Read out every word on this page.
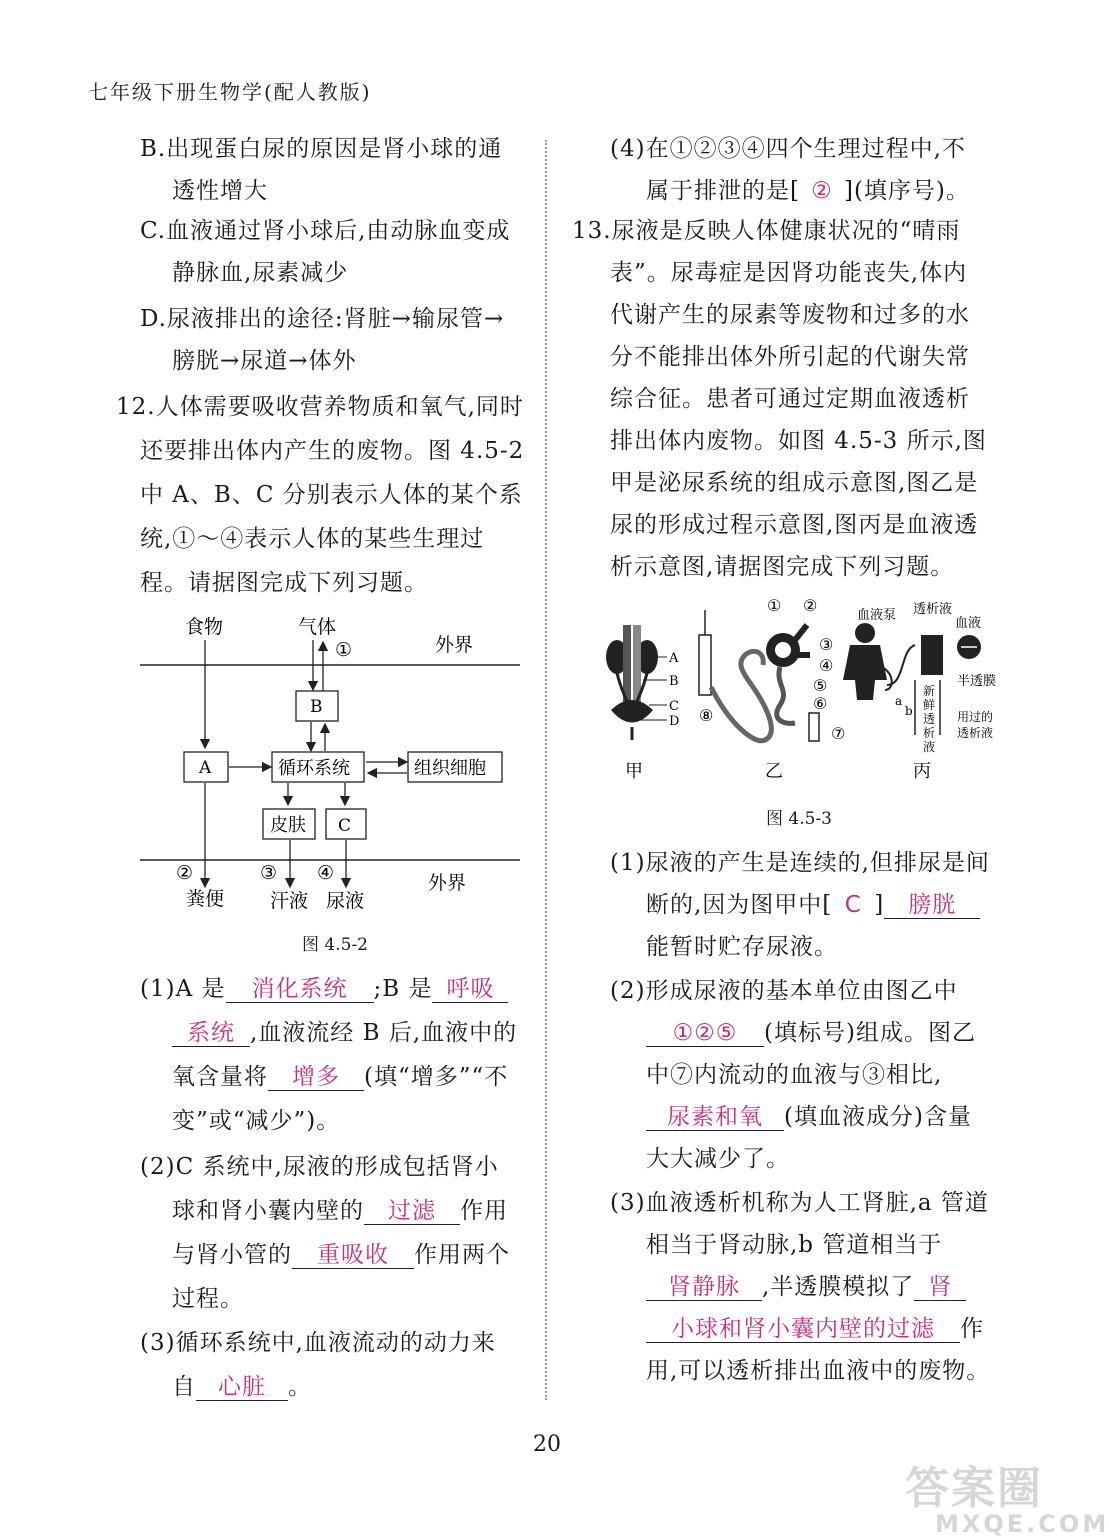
七年级下册生物学(配人教版)
B.出现蛋白尿的原因是肾小球的通
透性增大
C.血液通过肾小球后,由动脉血变成
静脉血,尿素减少
D.尿液排出的途径:肾脏→输尿管→
膀胱→尿道→体外
12.人体需要吸收营养物质和氧气,同时
还要排出体内产生的废物。图 4.5-2
中 A、B、C 分别表示人体的某个系
统,①～④表示人体的某些生理过
程。请据图完成下列习题。
食物	气体
①	外界
B
A	循环系统	组织细胞
皮肤 C
②	③ ④	外界
粪便 汗液 尿液
图 4.5-2
(1)A 是 消化系统 ;B 是 呼吸
系统 ,血液流经 B 后,血液中的
氧含量将 增多 (填“增多”“不
变”或“减少”)。
(2)C 系统中,尿液的形成包括肾小
球和肾小囊内壁的 过滤 作用
与肾小管的 重吸收 作用两个
过程。
(3)循环系统中,血液流动的动力来
自 心脏 。
(4)在①②③④四个生理过程中,不
属于排泄的是[ ② ](填序号)。
13.尿液是反映人体健康状况的“晴雨
表”。尿毒症是因肾功能丧失,体内
代谢产生的尿素等废物和过多的水
分不能排出体外所引起的代谢失常
综合征。患者可通过定期血液透析
排出体内废物。如图 4.5-3 所示,图
甲是泌尿系统的组成示意图,图乙是
尿的形成过程示意图,图丙是血液透
析示意图,请据图完成下列习题。
A
B
C
D ⑧
① ②
③
④
⑤
⑥
⑦
血液泵 透析液
血液
半透膜
a
b
新
鲜
透
析
液
用过的
透析液
甲	乙	丙
图 4.5-3
(1)尿液的产生是连续的,但排尿是间
断的,因为图甲中[ C ] 膀胱
能暂时贮存尿液。
(2)形成尿液的基本单位由图乙中
①②⑤ (填标号)组成。图乙
中⑦内流动的血液与③相比,
尿素和氧 (填血液成分)含量
大大减少了。
(3)血液透析机称为人工肾脏,a 管道
相当于肾动脉,b 管道相当于
肾静脉 ,半透膜模拟了 肾
小球和肾小囊内壁的过滤 作
用,可以透析排出血液中的废物。
20
答案圈
MXQE.COM
